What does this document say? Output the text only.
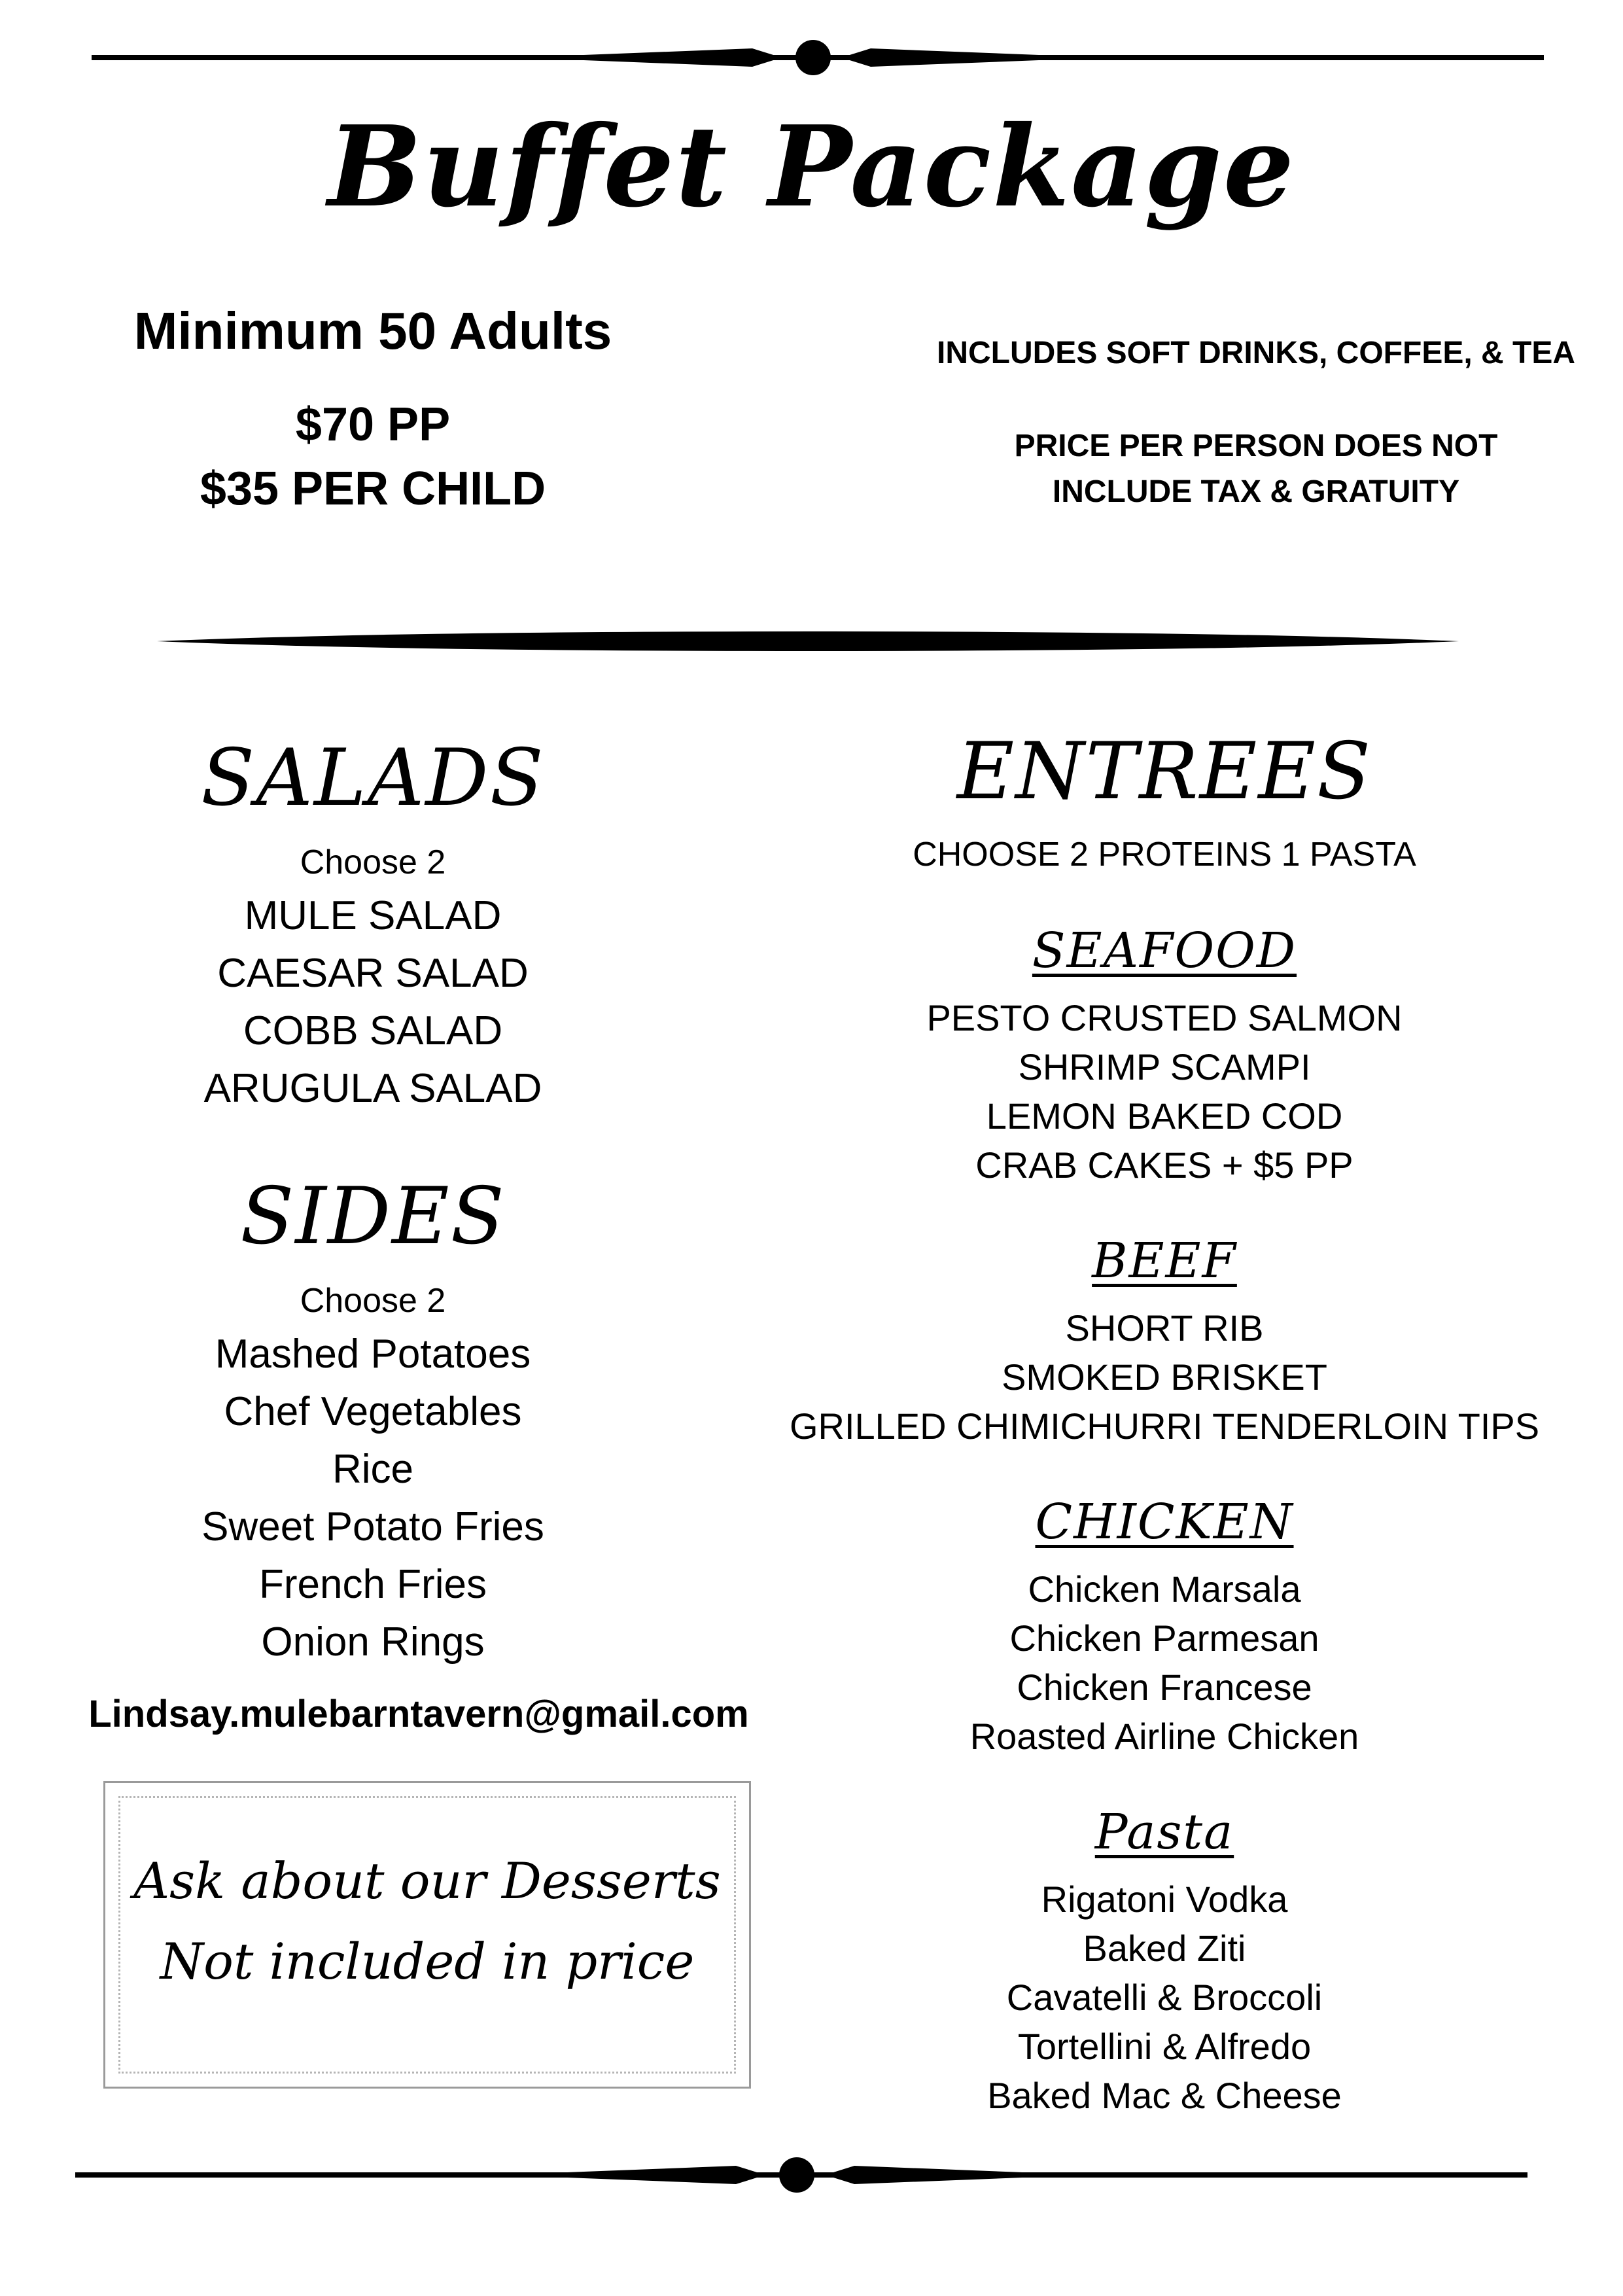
Buffet Package
Minimum 50 Adults
$70 PP
$35 PER CHILD
INCLUDES SOFT DRINKS, COFFEE, & TEA
PRICE PER PERSON DOES NOT
INCLUDE TAX & GRATUITY
SALADS
Choose 2
MULE SALAD
CAESAR SALAD
COBB SALAD
ARUGULA SALAD
SIDES
Choose 2
Mashed Potatoes
Chef Vegetables
Rice
Sweet Potato Fries
French Fries
Onion Rings
Lindsay.mulebarntavern@gmail.com
Ask about our Desserts
Not included in price
ENTREES
CHOOSE 2 PROTEINS 1 PASTA
SEAFOOD
PESTO CRUSTED SALMON
SHRIMP SCAMPI
LEMON BAKED COD
CRAB CAKES + $5 PP
BEEF
SHORT RIB
SMOKED BRISKET
GRILLED CHIMICHURRI TENDERLOIN TIPS
CHICKEN
Chicken Marsala
Chicken Parmesan
Chicken Francese
Roasted Airline Chicken
Pasta
Rigatoni Vodka
Baked Ziti
Cavatelli & Broccoli
Tortellini & Alfredo
Baked Mac & Cheese
